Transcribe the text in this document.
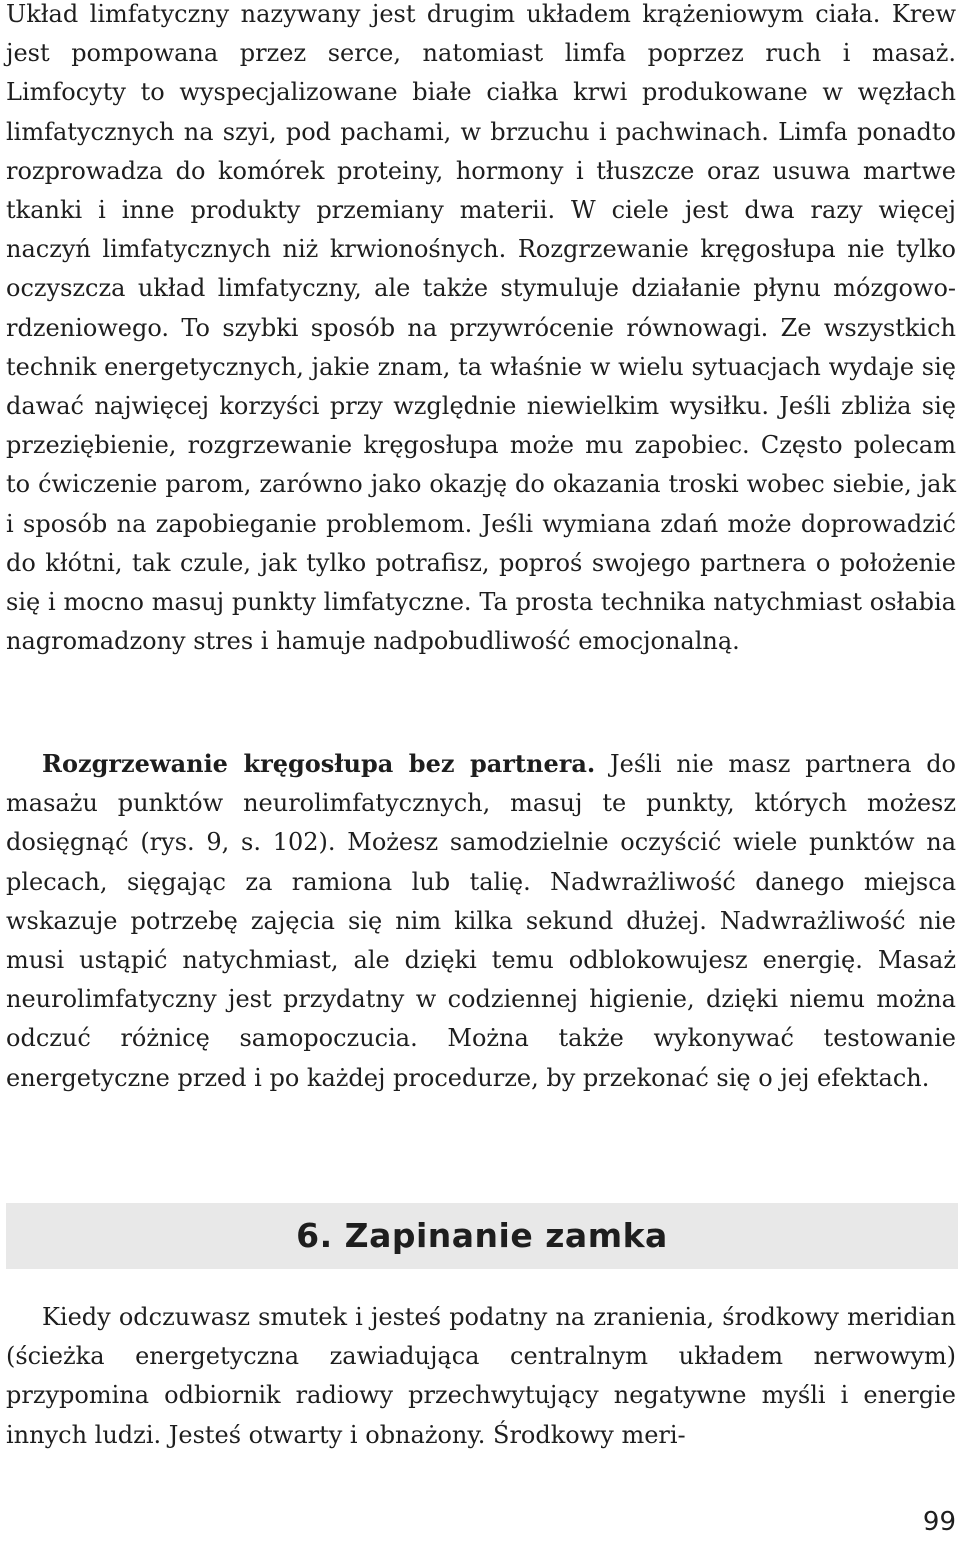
Układ limfatyczny nazywany jest drugim układem krążeniowym ciała. Krew jest pompowana przez serce, natomiast limfa poprzez ruch i masaż. Limfocyty to wyspecjalizowane białe ciałka krwi produkowane w węzłach limfatycznych na szyi, pod pachami, w brzuchu i pachwinach. Limfa ponadto rozprowadza do komórek proteiny, hormony i tłuszcze oraz usuwa martwe tkanki i inne produkty przemiany materii. W ciele jest dwa razy więcej naczyń limfatycznych niż krwionośnych. Rozgrzewanie kręgosłupa nie tylko oczyszcza układ limfatyczny, ale także stymuluje działanie płynu mózgowo-rdzeniowego. To szybki sposób na przywrócenie równowagi. Ze wszystkich technik energetycznych, jakie znam, ta właśnie w wielu sytuacjach wydaje się dawać najwięcej korzyści przy względnie niewielkim wysiłku. Jeśli zbliża się przeziębienie, rozgrzewanie kręgosłupa może mu zapobiec. Często polecam to ćwiczenie parom, zarówno jako okazję do okazania troski wobec siebie, jak i sposób na zapobieganie problemom. Jeśli wymiana zdań może doprowadzić do kłótni, tak czule, jak tylko potrafisz, poproś swojego partnera o położenie się i mocno masuj punkty limfatyczne. Ta prosta technika natychmiast osłabia nagromadzony stres i hamuje nadpobudliwość emocjonalną.
Rozgrzewanie kręgosłupa bez partnera. Jeśli nie masz partnera do masażu punktów neurolimfatycznych, masuj te punkty, których możesz dosięgnąć (rys. 9, s. 102). Możesz samodzielnie oczyścić wiele punktów na plecach, sięgając za ramiona lub talię. Nadwrażliwość danego miejsca wskazuje potrzebę zajęcia się nim kilka sekund dłużej. Nadwrażliwość nie musi ustąpić natychmiast, ale dzięki temu odblokowujesz energię. Masaż neurolimfatyczny jest przydatny w codziennej higienie, dzięki niemu można odczuć różnicę samopoczucia. Można także wykonywać testowanie energetyczne przed i po każdej procedurze, by przekonać się o jej efektach.
6. Zapinanie zamka
Kiedy odczuwasz smutek i jesteś podatny na zranienia, środkowy meridian (ścieżka energetyczna zawiadująca centralnym układem nerwowym) przypomina odbiornik radiowy przechwytujący negatywne myśli i energie innych ludzi. Jesteś otwarty i obnażony. Środkowy meri-
99
